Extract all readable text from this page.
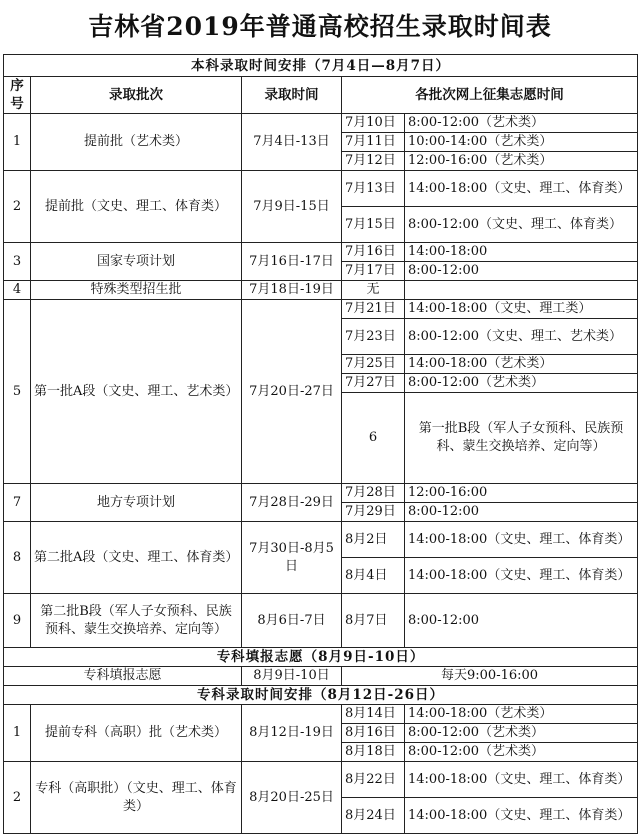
吉林省2019年普通高校招生录取时间表
本科录取时间安排（7月4日—8月7日）					
序号	录取批次	录取时间	各批次网上征集志愿时间		
1	提前批（艺术类）	7月4日-13日	7月10日	8:00-12:00（艺术类）	
			7月11日	10:00-14:00（艺术类）	
			7月12日	12:00-16:00（艺术类）	
2	提前批（文史、理工、体育类）	7月9日-15日	7月13日	14:00-18:00（文史、理工、体育类）	
			7月15日	8:00-12:00（文史、理工、体育类）	
3	国家专项计划	7月16日-17日	7月16日	14:00-18:00	
			7月17日	8:00-12:00	
4	特殊类型招生批	7月18日-19日	无		
5	第一批A段（文史、理工、艺术类）	7月20日-27日	7月21日	14:00-18:00（文史、理工类）	
			7月23日	8:00-12:00（文史、理工、艺术类）	
			7月25日	14:00-18:00（艺术类）	
			7月27日	8:00-12:00（艺术类）	
			6	第一批B段（军人子女预科、民族预科、蒙生交换培养、定向等）			
7	地方专项计划	7月28日-29日	7月28日	12:00-16:00	
			7月29日	8:00-12:00	
8	第二批A段（文史、理工、体育类）	7月30日-8月5日	8月2日	14:00-18:00（文史、理工、体育类）	
			8月4日	14:00-18:00（文史、理工、体育类）	
9	第二批B段（军人子女预科、民族预科、蒙生交换培养、定向等）	8月6日-7日	8月7日	8:00-12:00	
专科填报志愿（8月9日-10日）					
专科填报志愿		8月9日-10日	每天9:00-16:00		
专科录取时间安排（8月12日-26日）					
1	提前专科（高职）批（艺术类）	8月12日-19日	8月14日	14:00-18:00（艺术类）	
			8月16日	8:00-12:00（艺术类）	
			8月18日	8:00-12:00（艺术类）	
2	专科（高职批）（文史、理工、体育类）	8月20日-25日	8月22日	14:00-18:00（文史、理工、体育类）	
			8月24日	14:00-18:00（文史、理工、体育类）	
